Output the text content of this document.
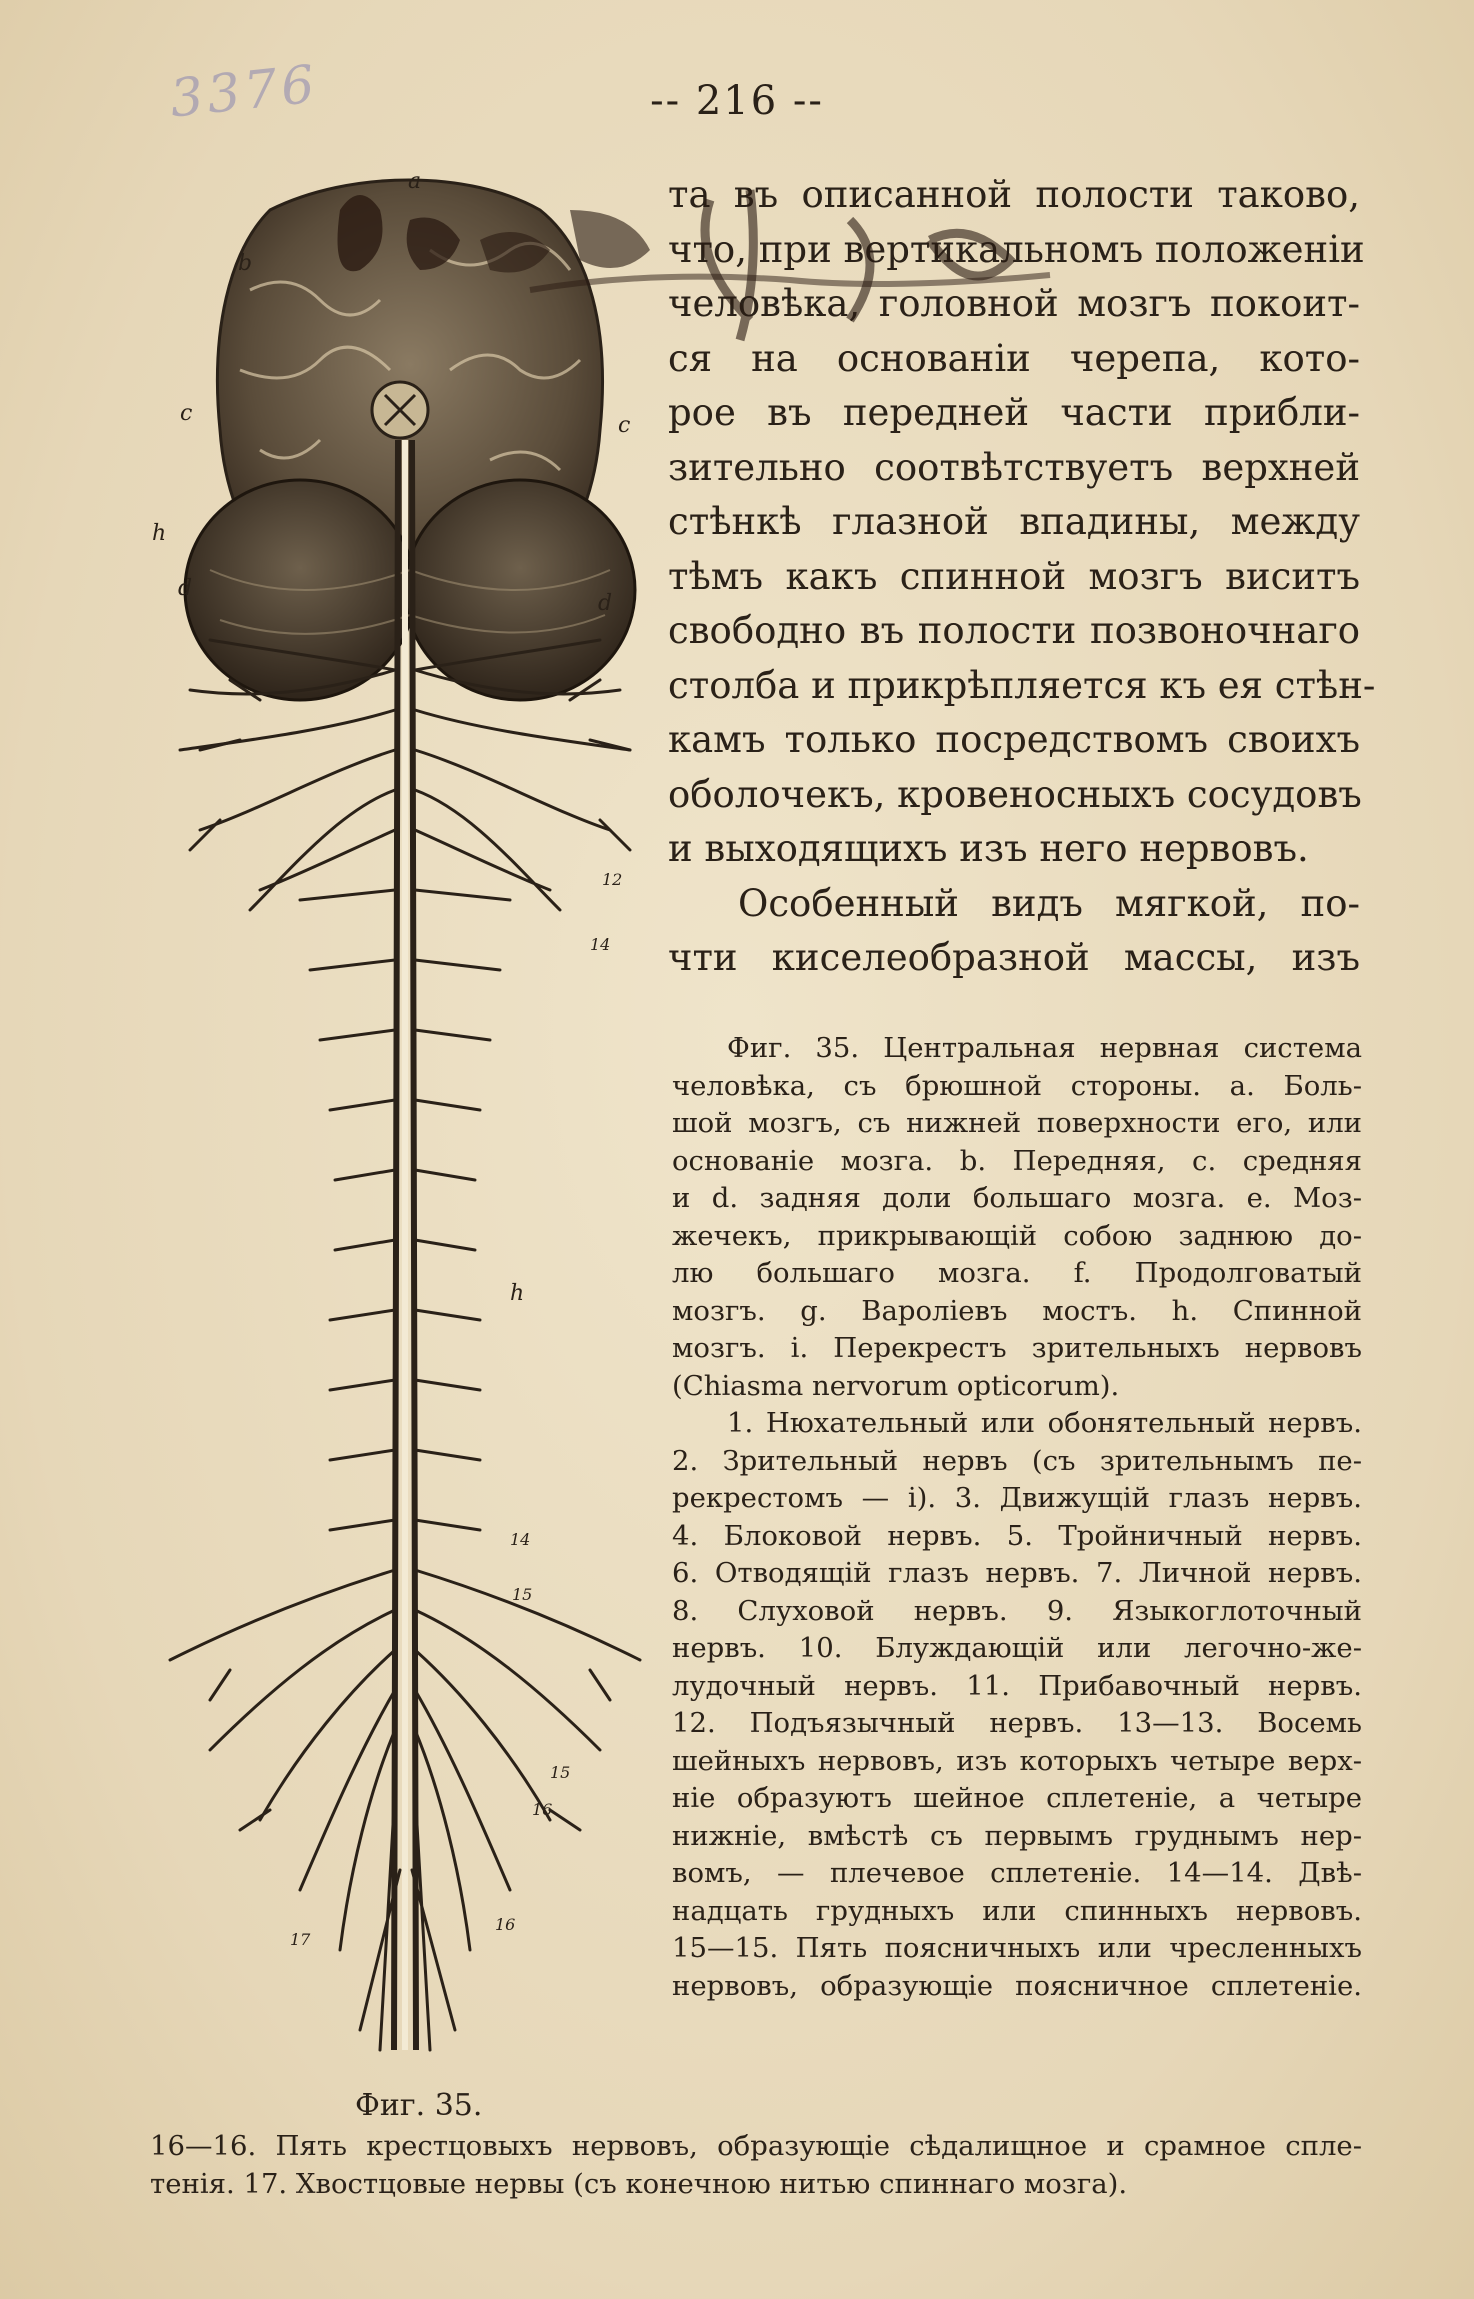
3376	-- 216 --
a
b
c	c
h
d
d
12
14
h
14
15
15
16
16
17
Фиг. 35.
та въ описанной полости таково,
что, при вертикальномъ положеніи
человѣка, головной мозгъ покоит-
ся на основаніи черепа, кото-
рое въ передней части прибли-
зительно соотвѣтствуетъ верхней
стѣнкѣ глазной впадины, между
тѣмъ какъ спинной мозгъ виситъ
свободно въ полости позвоночнаго
столба и прикрѣпляется къ ея стѣн-
камъ только посредствомъ своихъ
оболочекъ, кровеносныхъ сосудовъ
и выходящихъ изъ него нервовъ.
Особенный видъ мягкой, по-
чти киселеобразной массы, изъ
Фиг. 35. Центральная нервная система
человѣка, съ брюшной стороны. a. Боль-
шой мозгъ, съ нижней поверхности его, или
основаніе мозга. b. Передняя, c. средняя
и d. задняя доли большаго мозга. e. Моз-
жечекъ, прикрывающій собою заднюю до-
лю большаго мозга. f. Продолговатый
мозгъ. g. Вароліевъ мостъ. h. Спинной
мозгъ. i. Перекрестъ зрительныхъ нервовъ
(Chiasma nervorum opticorum).
1. Нюхательный или обонятельный нервъ.
2. Зрительный нервъ (съ зрительнымъ пе-
рекрестомъ — i). 3. Движущій глазъ нервъ.
4. Блоковой нервъ. 5. Тройничный нервъ.
6. Отводящій глазъ нервъ. 7. Личной нервъ.
8. Слуховой нервъ. 9. Языкоглоточный
нервъ. 10. Блуждающій или легочно-же-
лудочный нервъ. 11. Прибавочный нервъ.
12. Подъязычный нервъ. 13—13. Восемь
шейныхъ нервовъ, изъ которыхъ четыре верх-
ніе образуютъ шейное сплетеніе, а четыре
нижніе, вмѣстѣ съ первымъ груднымъ нер-
вомъ, — плечевое сплетеніе. 14—14. Двѣ-
надцать грудныхъ или спинныхъ нервовъ.
15—15. Пять поясничныхъ или чресленныхъ
нервовъ, образующіе поясничное сплетеніе.
16—16. Пять крестцовыхъ нервовъ, образующіе сѣдалищное и срамное спле-
тенія. 17. Хвостцовые нервы (съ конечною нитью спиннаго мозга).
